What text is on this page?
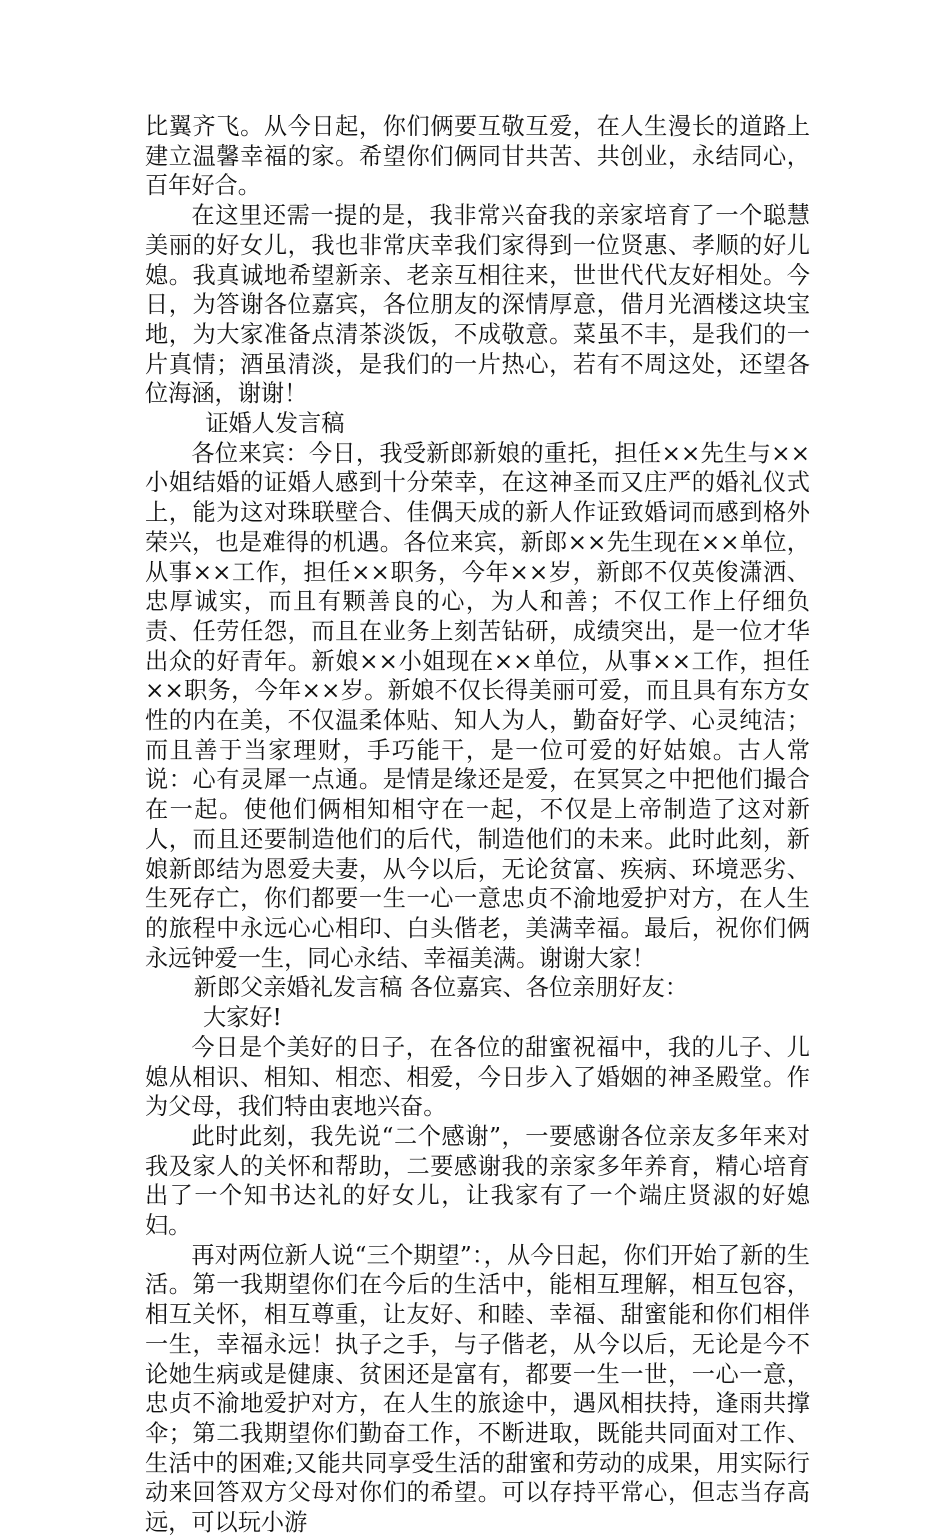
比翼齐飞。从今日起，你们俩要互敬互爱，在人生漫长的道路上建立温馨幸福的家。希望你们俩同甘共苦、共创业，永结同心，百年好合。

在这里还需一提的是，我非常兴奋我的亲家培育了一个聪慧美丽的好女儿，我也非常庆幸我们家得到一位贤惠、孝顺的好儿媳。我真诚地希望新亲、老亲互相往来，世世代代友好相处。今日，为答谢各位嘉宾，各位朋友的深情厚意，借月光酒楼这块宝地，为大家准备点清茶淡饭，不成敬意。菜虽不丰，是我们的一片真情；酒虽清淡，是我们的一片热心，若有不周这处，还望各位海涵，谢谢！

证婚人发言稿

各位来宾：今日，我受新郎新娘的重托，担任××先生与××小姐结婚的证婚人感到十分荣幸，在这神圣而又庄严的婚礼仪式上，能为这对珠联壁合、佳偶天成的新人作证致婚词而感到格外荣兴，也是难得的机遇。各位来宾，新郎××先生现在××单位，从事××工作，担任××职务，今年××岁，新郎不仅英俊潇洒、忠厚诚实，而且有颗善良的心，为人和善；不仅工作上仔细负责、任劳任怨，而且在业务上刻苦钻研，成绩突出，是一位才华出众的好青年。新娘××小姐现在××单位，从事××工作，担任××职务，今年××岁。新娘不仅长得美丽可爱，而且具有东方女性的内在美，不仅温柔体贴、知人为人，勤奋好学、心灵纯洁；而且善于当家理财，手巧能干，是一位可爱的好姑娘。古人常说：心有灵犀一点通。是情是缘还是爱，在冥冥之中把他们撮合在一起。使他们俩相知相守在一起，不仅是上帝制造了这对新人，而且还要制造他们的后代，制造他们的未来。此时此刻，新娘新郎结为恩爱夫妻，从今以后，无论贫富、疾病、环境恶劣、生死存亡，你们都要一生一心一意忠贞不渝地爱护对方，在人生的旅程中永远心心相印、白头偕老，美满幸福。最后，祝你们俩永远钟爱一生，同心永结、幸福美满。谢谢大家！

新郎父亲婚礼发言稿 各位嘉宾、各位亲朋好友：

大家好!

今日是个美好的日子，在各位的甜蜜祝福中，我的儿子、儿媳从相识、相知、相恋、相爱，今日步入了婚姻的神圣殿堂。作为父母，我们特由衷地兴奋。

此时此刻，我先说“二个感谢”，一要感谢各位亲友多年来对我及家人的关怀和帮助，二要感谢我的亲家多年养育，精心培育出了一个知书达礼的好女儿，让我家有了一个端庄贤淑的好媳妇。

再对两位新人说“三个期望”：，从今日起，你们开始了新的生活。第一我期望你们在今后的生活中，能相互理解，相互包容，相互关怀，相互尊重，让友好、和睦、幸福、甜蜜能和你们相伴一生，幸福永远！执子之手，与子偕老，从今以后，无论是今不论她生病或是健康、贫困还是富有，都要一生一世，一心一意，忠贞不渝地爱护对方，在人生的旅途中，遇风相扶持，逢雨共撑伞；第二我期望你们勤奋工作，不断进取，既能共同面对工作、生活中的困难;又能共同享受生活的甜蜜和劳动的成果，用实际行动来回答双方父母对你们的希望。可以存持平常心，但志当存高远，可以玩小游
